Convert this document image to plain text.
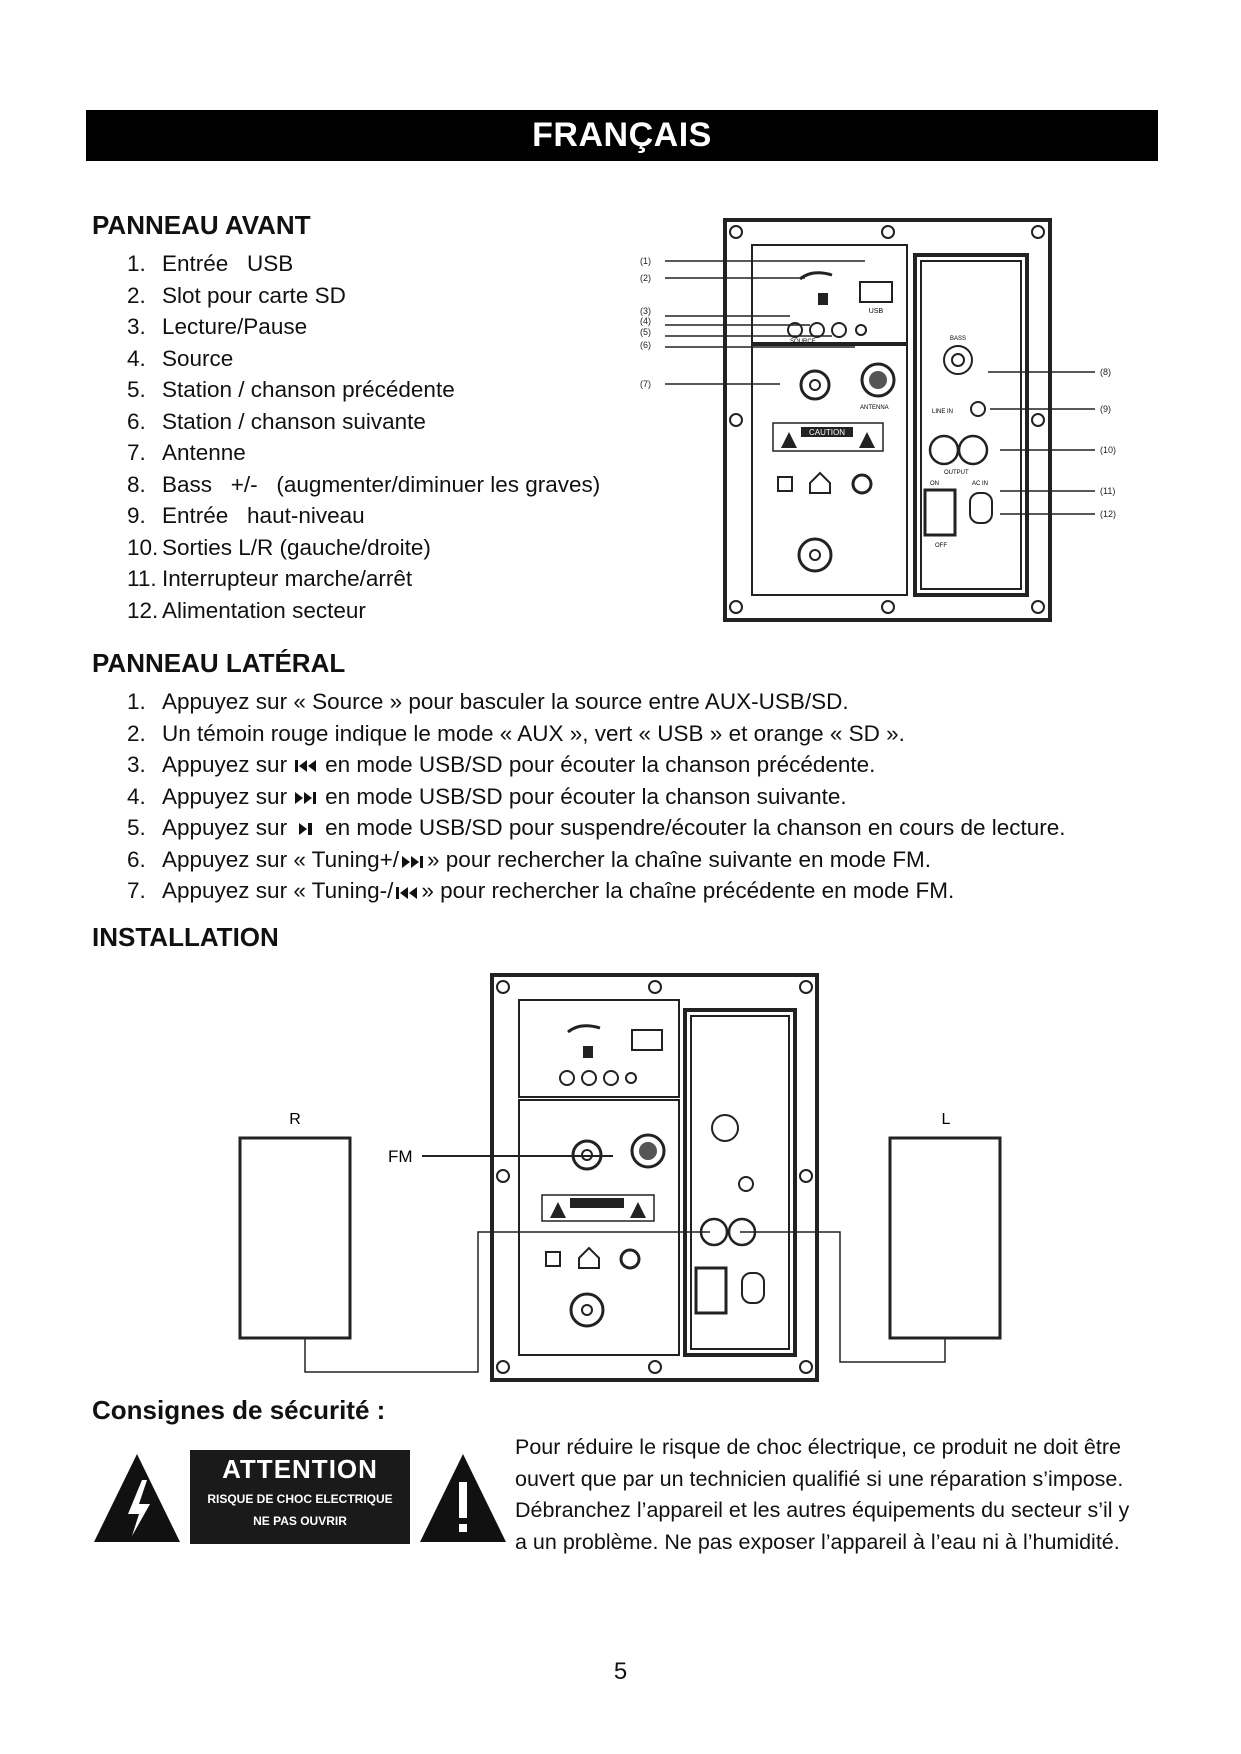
FRANÇAIS
PANNEAU AVANT
1. Entrée   USB
2. Slot pour carte SD
3. Lecture/Pause
4. Source
5. Station / chanson précédente
6. Station / chanson suivante
7. Antenne
8. Bass   +/-   (augmenter/diminuer les graves)
9. Entrée   haut-niveau
10. Sorties L/R (gauche/droite)
11. Interrupteur marche/arrêt
12. Alimentation secteur
USB
SOURCE
(1)
(2)
(3)
(4)
(5)
(6)
(7)
(8)
(9)
(10)
(11)
(12)
ANTENNA
CAUTION
BASS
LINE IN
OUTPUT
ON
OFF
AC IN
PANNEAU LATÉRAL
1. Appuyez sur « Source » pour basculer la source entre AUX-USB/SD.
2. Un témoin rouge indique le mode « AUX », vert « USB » et orange « SD ».
3. Appuyez sur en mode USB/SD pour écouter la chanson précédente.
4. Appuyez sur en mode USB/SD pour écouter la chanson suivante.
5. Appuyez sur en mode USB/SD pour suspendre/écouter la chanson en cours de lecture.
6. Appuyez sur « Tuning+/ » pour rechercher la chaîne suivante en mode FM.
7. Appuyez sur « Tuning-/ » pour rechercher la chaîne précédente en mode FM.
INSTALLATION
R	L
FM
Consignes de sécurité :
ATTENTION
RISQUE DE CHOC ELECTRIQUE
NE PAS OUVRIR
Pour réduire le risque de choc électrique, ce produit ne doit être ouvert que par un technicien qualifié si une réparation s’impose. Débranchez l’appareil et les autres équipements du secteur s’il y a un problème. Ne pas exposer l’appareil à l’eau ni à l’humidité.
5
